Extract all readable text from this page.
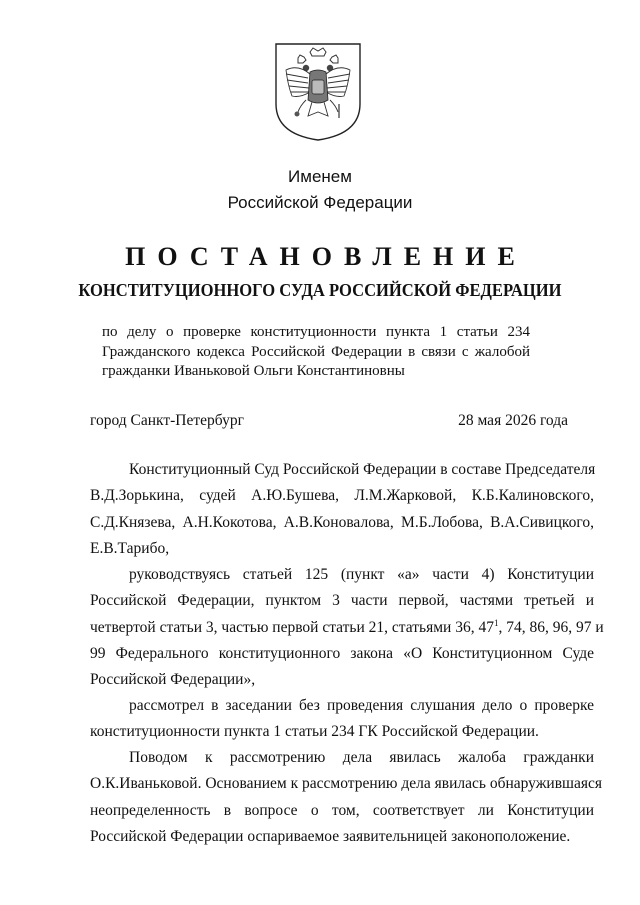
Именем
Российской Федерации
ПОСТАНОВЛЕНИЕ
КОНСТИТУЦИОННОГО СУДА РОССИЙСКОЙ ФЕДЕРАЦИИ
по делу о проверке конституционности пункта 1 статьи 234
Гражданского кодекса Российской Федерации в связи с жалобой
гражданки Иваньковой Ольги Константиновны
город Санкт-Петербург	28 мая 2026 года
Конституционный Суд Российской Федерации в составе Председателя
В.Д.Зорькина, судей А.Ю.Бушева, Л.М.Жарковой, К.Б.Калиновского,
С.Д.Князева, А.Н.Кокотова, А.В.Коновалова, М.Б.Лобова, В.А.Сивицкого,
Е.В.Тарибо,
руководствуясь статьей 125 (пункт «а» части 4) Конституции
Российской Федерации, пунктом 3 части первой, частями третьей и
четвертой статьи 3, частью первой статьи 21, статьями 36, $47^1$, 74, 86, 96, 97 и
99 Федерального конституционного закона «О Конституционном Суде
Российской Федерации»,
рассмотрел в заседании без проведения слушания дело о проверке
конституционности пункта 1 статьи 234 ГК Российской Федерации.
Поводом к рассмотрению дела явилась жалоба гражданки
О.К.Иваньковой. Основанием к рассмотрению дела явилась обнаружившаяся
неопределенность в вопросе о том, соответствует ли Конституции
Российской Федерации оспариваемое заявительницей законоположение.
